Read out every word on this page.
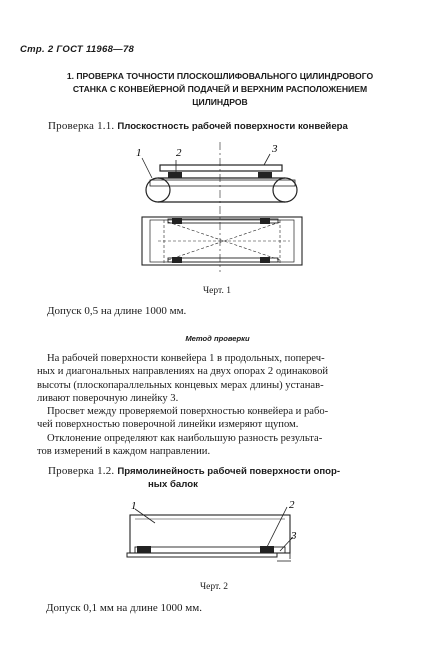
Стр. 2 ГОСТ 11968—78
1. ПРОВЕРКА ТОЧНОСТИ ПЛОСКОШЛИФОВАЛЬНОГО ЦИЛИНДРОВОГО
СТАНКА С КОНВЕЙЕРНОЙ ПОДАЧЕЙ И ВЕРХНИМ РАСПОЛОЖЕНИЕМ
ЦИЛИНДРОВ
Проверка 1.1. Плоскостность рабочей поверхности конвейера
1	2	3
Черт. 1
Допуск 0,5 на длине 1000 мм.
Метод проверки
На рабочей поверхности конвейера 1 в продольных, попереч-
ных и диагональных направлениях на двух опорах 2 одинаковой
высоты (плоскопараллельных концевых мерах длины) устанав-
ливают поверочную линейку 3.
Просвет между проверяемой поверхностью конвейера и рабо-
чей поверхностью поверочной линейки измеряют щупом.
Отклонение определяют как наибольшую разность результа-
тов измерений в каждом направлении.
Проверка 1.2. Прямолинейность рабочей поверхности опор-
ных балок
1	2
3
Черт. 2
Допуск 0,1 мм на длине 1000 мм.
